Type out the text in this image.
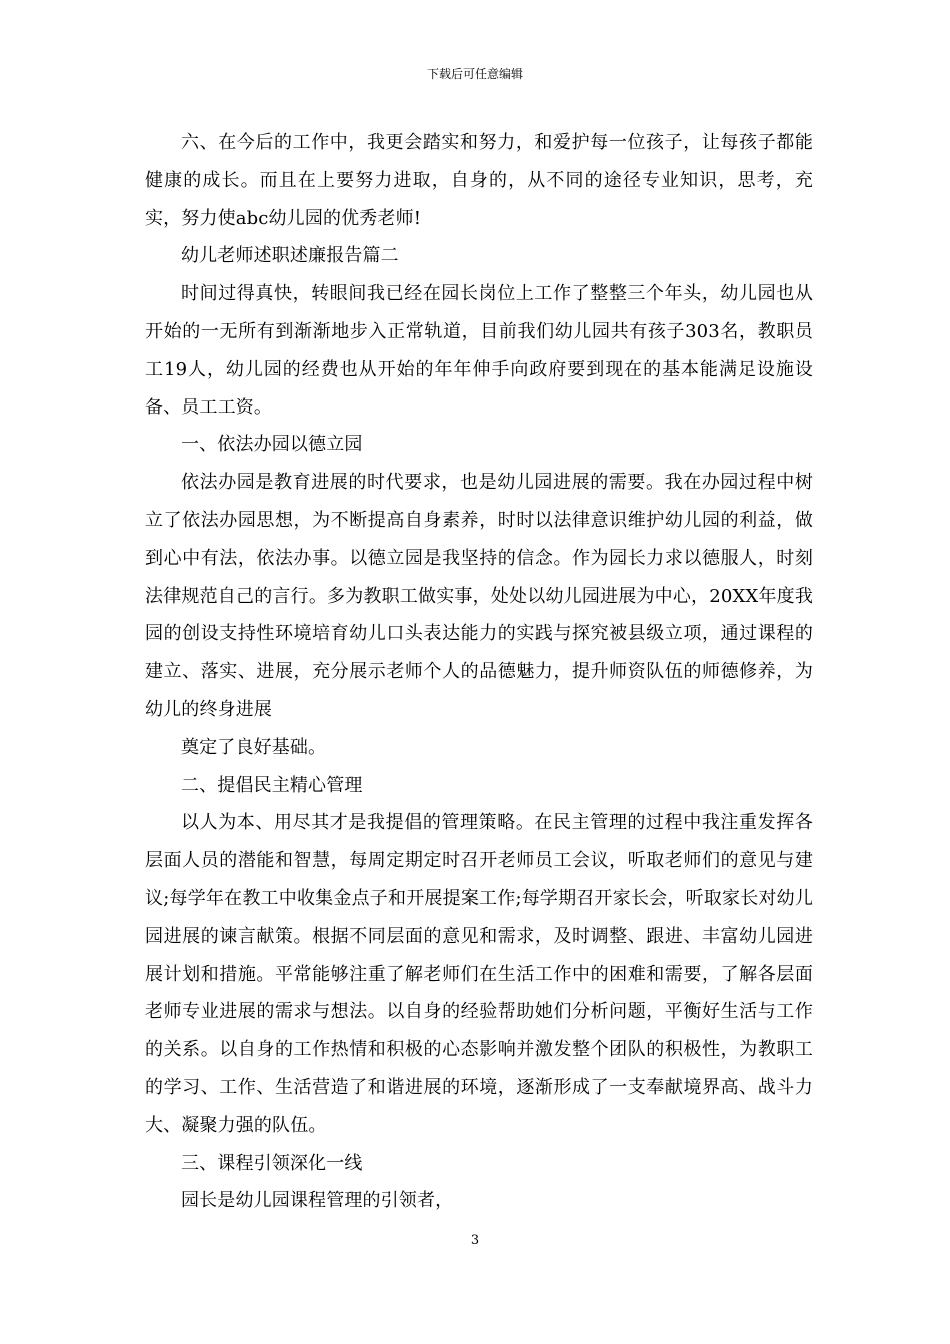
下载后可任意编辑

六、在今后的工作中，我更会踏实和努力，和爱护每一位孩子，让每孩子都能健康的成长。而且在上要努力进取，自身的，从不同的途径专业知识，思考，充实，努力使abc幼儿园的优秀老师!

幼儿老师述职述廉报告篇二

时间过得真快，转眼间我已经在园长岗位上工作了整整三个年头，幼儿园也从开始的一无所有到渐渐地步入正常轨道，目前我们幼儿园共有孩子303名，教职员工19人，幼儿园的经费也从开始的年年伸手向政府要到现在的基本能满足设施设备、员工工资。

一、依法办园以德立园

依法办园是教育进展的时代要求，也是幼儿园进展的需要。我在办园过程中树立了依法办园思想，为不断提高自身素养，时时以法律意识维护幼儿园的利益，做到心中有法，依法办事。以德立园是我坚持的信念。作为园长力求以德服人，时刻法律规范自己的言行。多为教职工做实事，处处以幼儿园进展为中心，20XX年度我园的创设支持性环境培育幼儿口头表达能力的实践与探究被县级立项，通过课程的建立、落实、进展，充分展示老师个人的品德魅力，提升师资队伍的师德修养，为幼儿的终身进展

奠定了良好基础。

二、提倡民主精心管理

以人为本、用尽其才是我提倡的管理策略。在民主管理的过程中我注重发挥各层面人员的潜能和智慧，每周定期定时召开老师员工会议，听取老师们的意见与建议;每学年在教工中收集金点子和开展提案工作;每学期召开家长会，听取家长对幼儿园进展的谏言献策。根据不同层面的意见和需求，及时调整、跟进、丰富幼儿园进展计划和措施。平常能够注重了解老师们在生活工作中的困难和需要，了解各层面老师专业进展的需求与想法。以自身的经验帮助她们分析问题，平衡好生活与工作的关系。以自身的工作热情和积极的心态影响并激发整个团队的积极性，为教职工的学习、工作、生活营造了和谐进展的环境，逐渐形成了一支奉献境界高、战斗力大、凝聚力强的队伍。

三、课程引领深化一线

园长是幼儿园课程管理的引领者，

3
